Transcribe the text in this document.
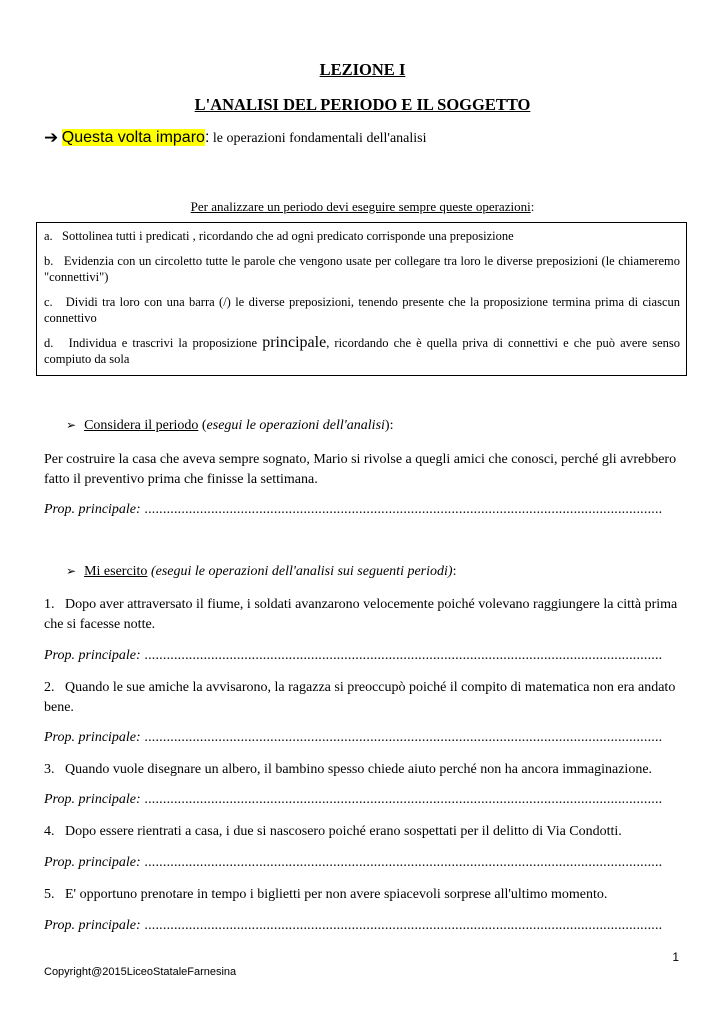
LEZIONE I
L'ANALISI DEL PERIODO E IL SOGGETTO
➔ Questa volta imparo: le operazioni fondamentali dell'analisi
Per analizzare un periodo devi eseguire sempre queste operazioni:

a.   Sottolinea tutti i predicati , ricordando che ad ogni predicato corrisponde una preposizione

b.   Evidenzia con un circoletto tutte le parole che vengono usate per collegare tra loro le diverse preposizioni (le chiameremo "connettivi")

c.   Dividi tra loro con una barra (/) le diverse preposizioni, tenendo presente che la proposizione termina prima di ciascun connettivo

d.   Individua e trascrivi la proposizione principale, ricordando che è quella priva di connettivi e che può avere senso compiuto da sola

➢ Considera il periodo (esegui le operazioni dell'analisi):
Per costruire la casa che aveva sempre sognato, Mario si rivolse a quegli amici che conosci, perché gli avrebbero fatto il preventivo prima che finisse la settimana.
Prop. principale: ............................................................................................................................................
➢ Mi esercito (esegui le operazioni dell'analisi sui seguenti periodi):
1.   Dopo aver attraversato il fiume, i soldati avanzarono velocemente poiché volevano raggiungere la città prima che si facesse notte.
Prop. principale: ............................................................................................................................................
2.   Quando le sue amiche la avvisarono, la ragazza si preoccupò poiché il compito di matematica non era andato bene.
Prop. principale: ............................................................................................................................................
3.   Quando vuole disegnare un albero, il bambino spesso chiede aiuto perché non ha ancora immaginazione.
Prop. principale: ............................................................................................................................................
4.   Dopo essere rientrati a casa, i due si nascosero poiché erano sospettati per il delitto di Via Condotti.
Prop. principale: ............................................................................................................................................
5.   E' opportuno prenotare in tempo i biglietti per non avere spiacevoli sorprese all'ultimo momento.
Prop. principale: ............................................................................................................................................
1
Copyright@2015LiceoStataleFarnesina
